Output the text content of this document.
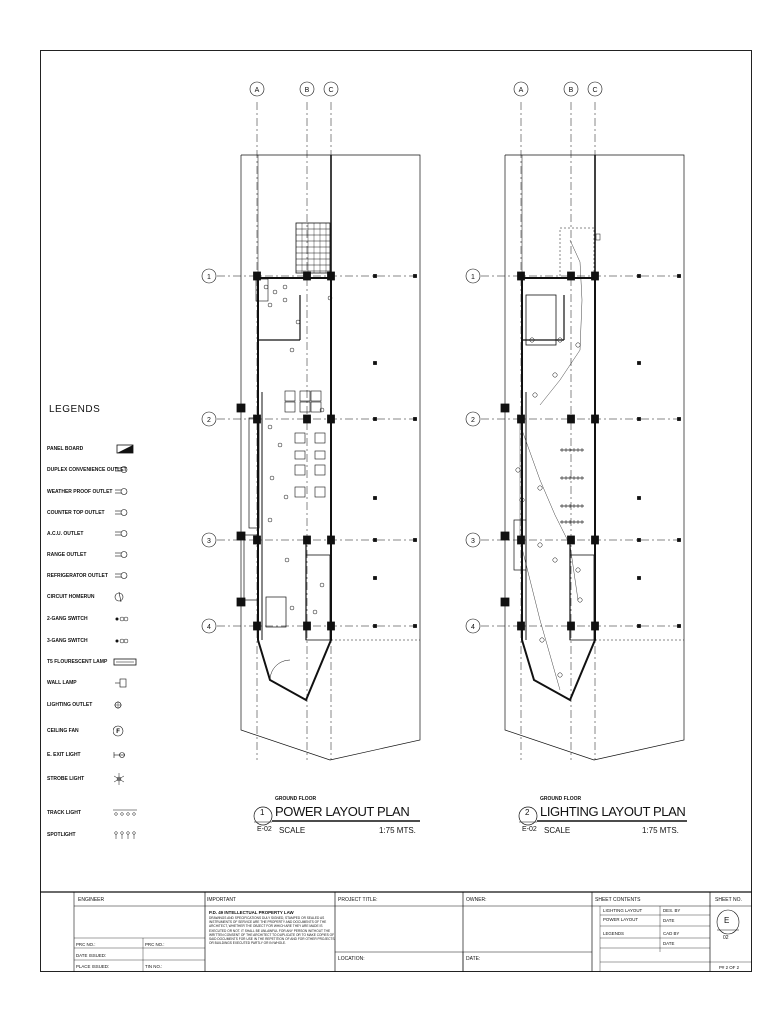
A	B	C
1
2
3
4
A	B	C
1
2
3
4
LEGENDS
PANEL BOARD
DUPLEX CONVENIENCE OUTLET
WEATHER PROOF OUTLET
COUNTER TOP OUTLET
A.C.U. OUTLET
RANGE OUTLET
REFRIGERATOR OUTLET
CIRCUIT HOMERUN
2-GANG SWITCH
3-GANG SWITCH
T5 FLOURESCENT LAMP
WALL LAMP
LIGHTING OUTLET
CEILING FAN	F
E. EXIT LIGHT
STROBE LIGHT
TRACK LIGHT
SPOTLIGHT
GROUND FLOOR
POWER LAYOUT PLAN
1
E-02 SCALE	1:75 MTS.
GROUND FLOOR
LIGHTING LAYOUT PLAN
2
E-02 SCALE	1:75 MTS.
ENGINEER	IMPORTANT
P.D. 49 INTELLECTUAL PROPERTY LAW
DRAWINGS AND SPECIFICATIONS DULY SIGNED, STAMPED OR SEALED AS INSTRUMENTS OF SERVICE ARE THE PROPERTY AND DOCUMENTS OF THE ARCHITECT, WHETHER THE OBJECT FOR WHICH ARE THEY ARE MADE IS EXECUTED OR NOT. IT SHALL BE UNLAWFUL FOR ANY PERSON WITHOUT THE WRITTEN CONSENT OF THE ARCHITECT TO DUPLICATE OR TO MAKE COPIES OF SAID DOCUMENTS FOR USE IN THE REPETITION OF AND FOR OTHER PROJECTS OR BUILDINGS EXECUTED PARTLY OR IN WHOLE.
PROJECT TITLE:
LOCATION:
OWNER:
DATE:
SHEET CONTENTS
LIGHTING LAYOUT
POWER LAYOUT
LEGENDS
DES. BY
DATE
CAD BY
DATE
SHEET NO.
E
02
P# 2 OF 2
PRC NO.:	PRC NO.:
DATE ISSUED:
PLACE ISSUED:	TIN NO.:
